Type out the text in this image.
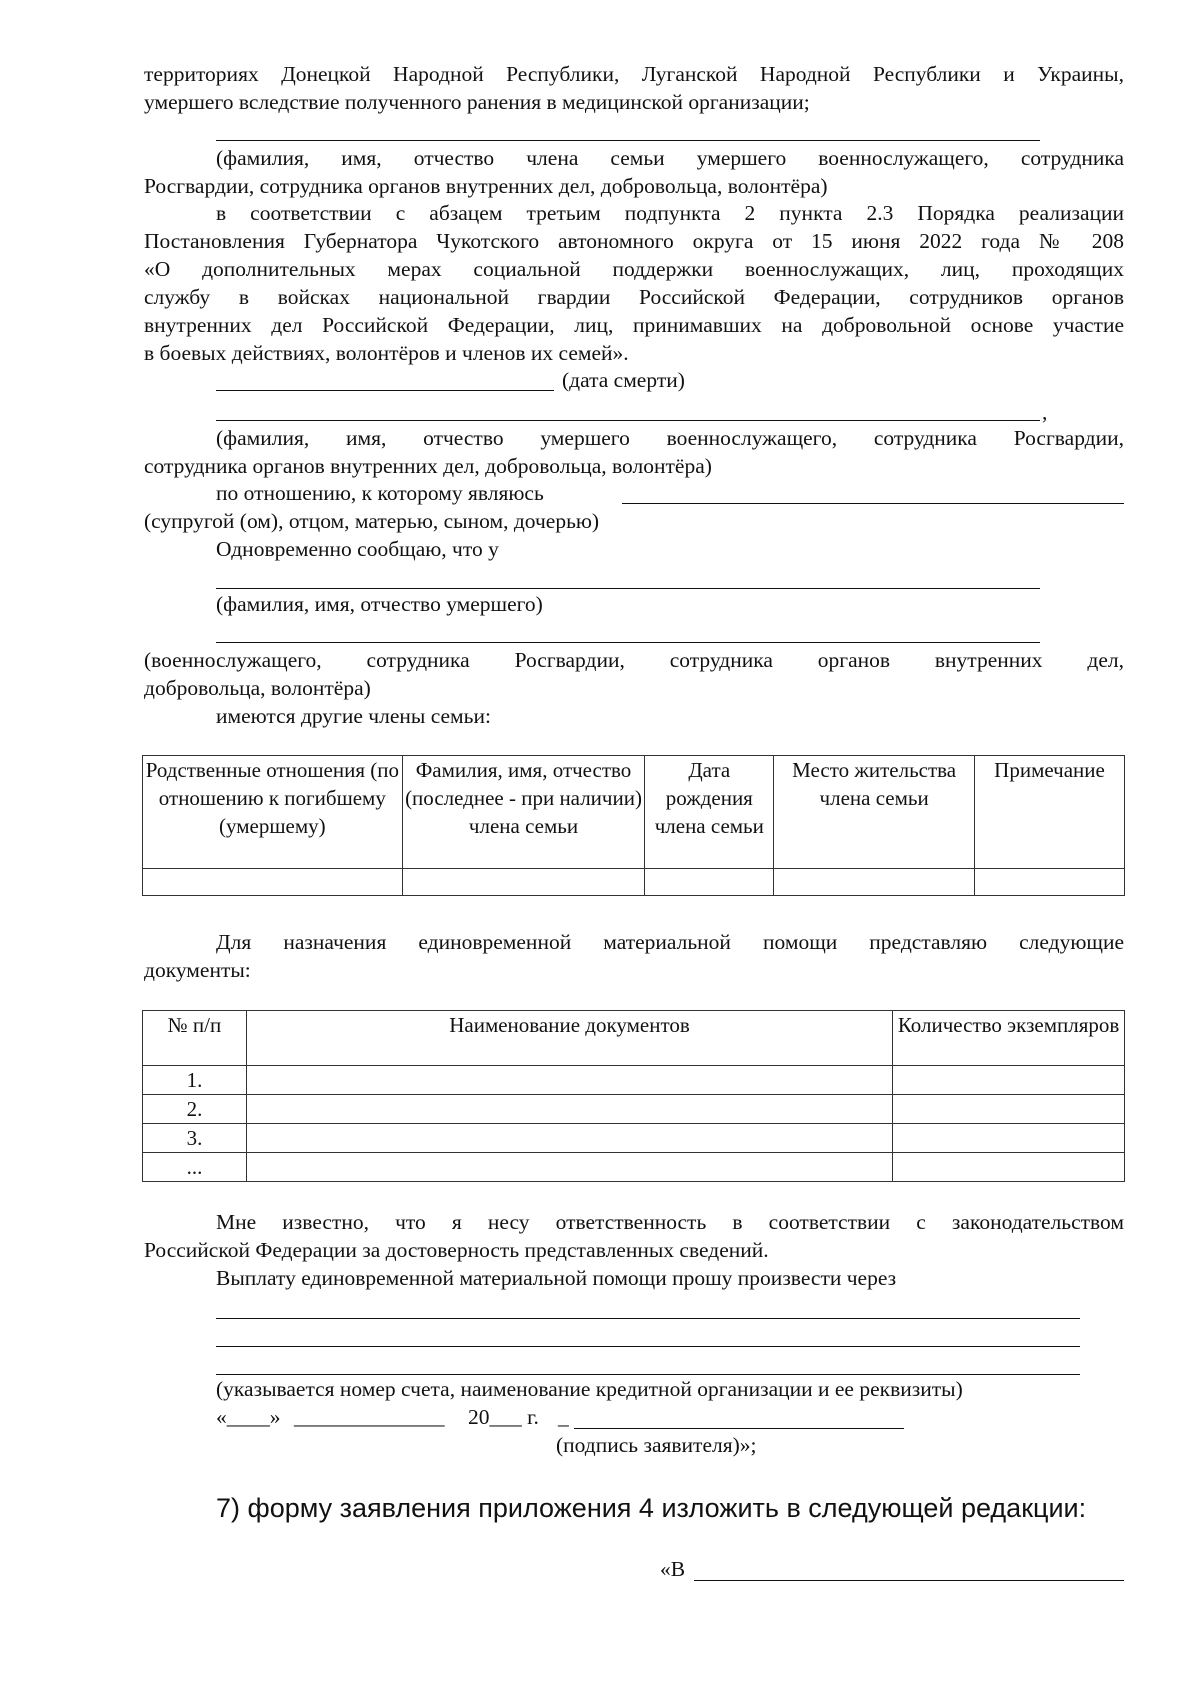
территориях Донецкой Народной Республики, Луганской Народной Республики и Украины,
умершего вследствие полученного ранения в медицинской организации;
(фамилия, имя, отчество члена семьи умершего военнослужащего, сотрудника
Росгвардии, сотрудника органов внутренних дел, добровольца, волонтёра)
в соответствии с абзацем третьим подпункта 2 пункта 2.3 Порядка реализации
Постановления Губернатора Чукотского автономного округа от 15 июня 2022 года № 208
«О дополнительных мерах социальной поддержки военнослужащих, лиц, проходящих
службу в войсках национальной гвардии Российской Федерации, сотрудников органов
внутренних дел Российской Федерации, лиц, принимавших на добровольной основе участие
в боевых действиях, волонтёров и членов их семей».
(дата смерти)
,
(фамилия, имя, отчество умершего военнослужащего, сотрудника Росгвардии,
сотрудника органов внутренних дел, добровольца, волонтёра)
по отношению, к которому являюсь
(супругой (ом), отцом, матерью, сыном, дочерью)
Одновременно сообщаю, что у
(фамилия, имя, отчество умершего)
(военнослужащего, сотрудника Росгвардии, сотрудника органов внутренних дел,
добровольца, волонтёра)
имеются другие члены семьи:
Родственные отношения (по отношению к погибшему (умершему)	Фамилия, имя, отчество (последнее - при наличии) члена семьи	Дата рождения члена семьи	Место жительства члена семьи	Примечание

Для назначения единовременной материальной помощи представляю следующие
документы:
№ п/п	Наименование документов	Количество экземпляров
1.		
2.		
3.		
...		
Мне известно, что я несу ответственность в соответствии с законодательством
Российской Федерации за достоверность представленных сведений.
Выплату единовременной материальной помощи прошу произвести через
(указывается номер счета, наименование кредитной организации и ее реквизиты)
«____» ______________ 20___ г. _
(подпись заявителя)»;
7) форму заявления приложения 4 изложить в следующей редакции:
«В
